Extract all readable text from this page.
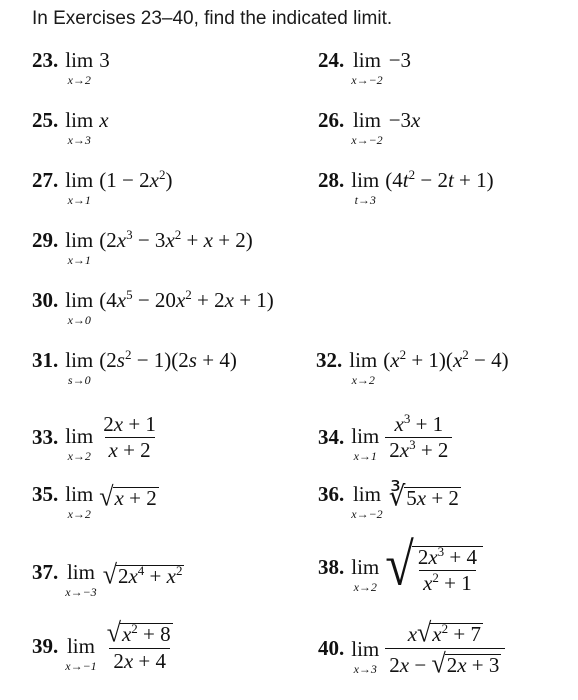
In Exercises 23–40, find the indicated limit.
23. lim
x→2
3	24. lim
x→−2
−3
25. lim
x→3
x	26. lim
x→−2
−3x
27. lim
x→1
$(1 - 2x^2)$	28. lim
t→3
$(4t^2 - 2t + 1)$
29. lim
x→1
$(2x^3 - 3x^2 + x + 2)$
30. lim
x→0
$(4x^5 - 20x^2 + 2x + 1)$
31. lim
s→0
$(2s^2 - 1)(2s + 4)$	32. lim
x→2
$(x^2 + 1)(x^2 - 4)$
33. lim
$x\to 2 \frac{2x + 1}{x + 2}$	34. lim
$x\to 1 \frac{x^3 + 1}{2x^3 + 2}$
35. lim
x→2
√ x + 2	36. lim
x→−2
∛ 5x + 2
37. lim
x→−3
√ $2x^4 + x^2$	38. lim
x→2 √ $\frac{2x^3 + 4}{x^2 + 1}$
39. lim
$x\to-1 \frac{√ x^2 + 8}{2x + 4}$	40. lim
$x\to 3 \frac{x √ x^2 + 7}{2x - √ 2x + 3}$
